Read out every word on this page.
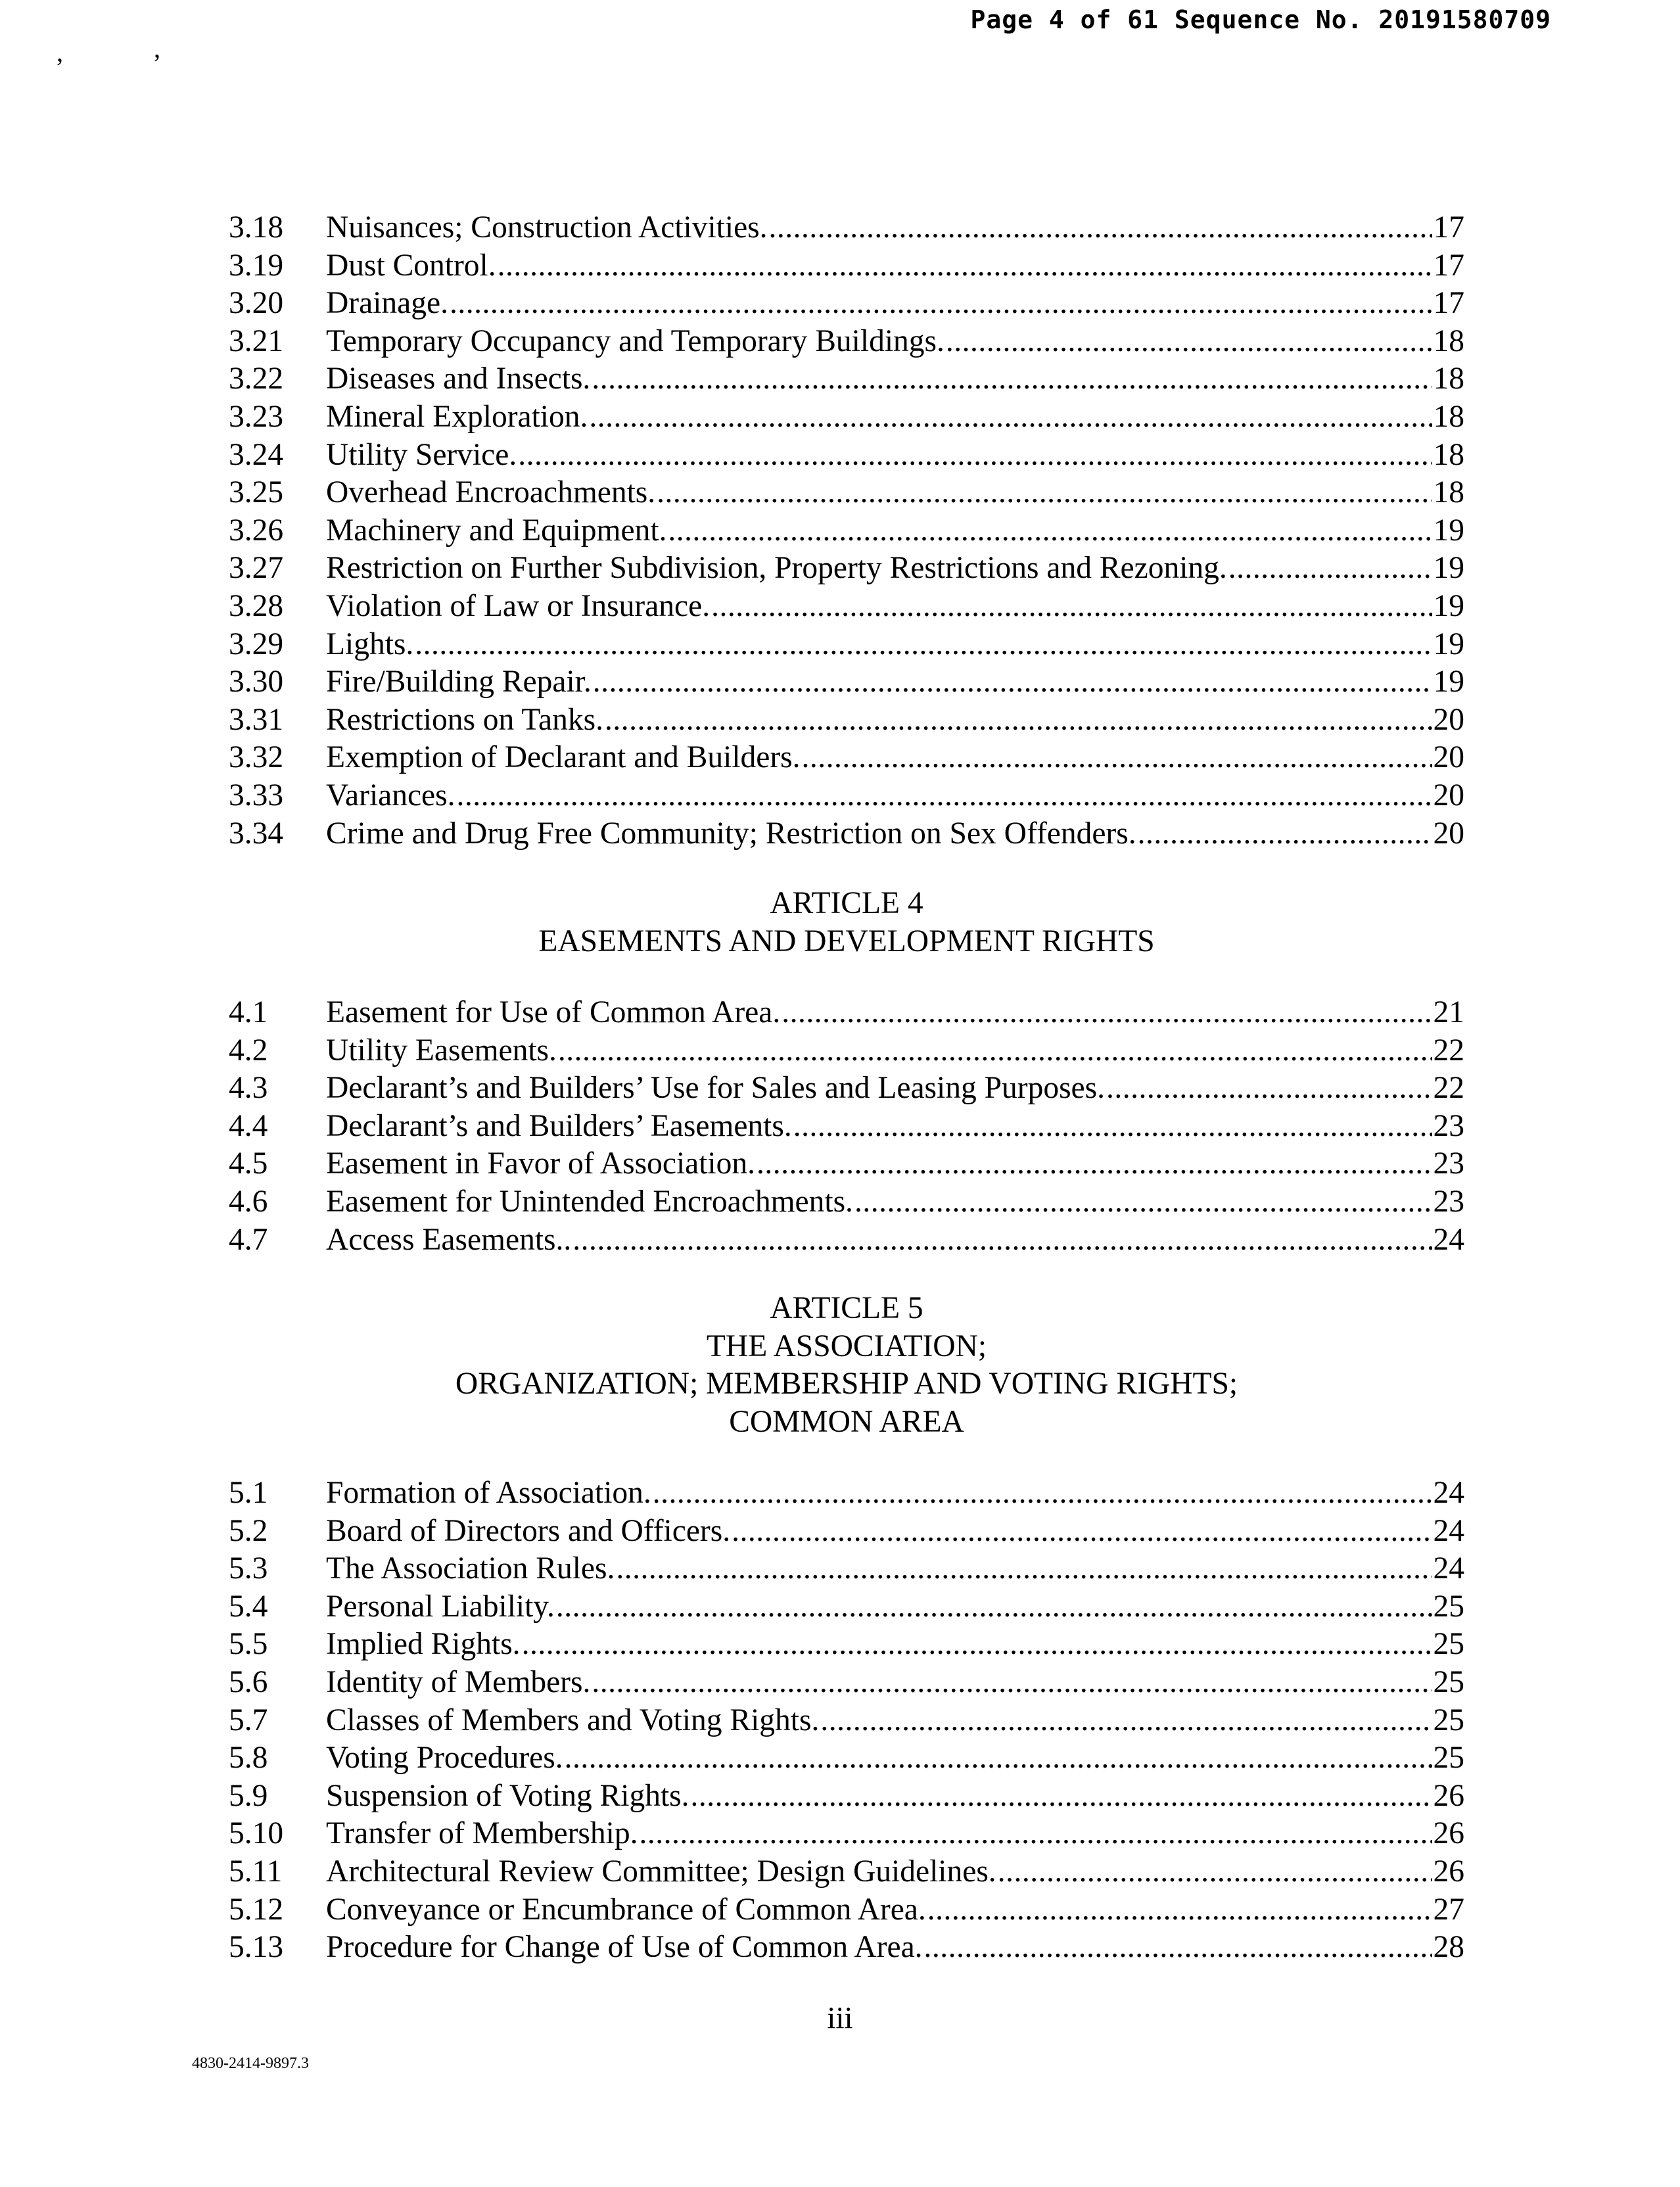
Page 4 of 61 Sequence No. 20191580709
,	,
3.18	Nuisances; Construction Activities. .....	17
3.19	Dust Control. .....	17
3.20	Drainage. .....	17
3.21	Temporary Occupancy and Temporary Buildings. .....	18
3.22	Diseases and Insects. .....	18
3.23	Mineral Exploration. .....	18
3.24	Utility Service. .....	18
3.25	Overhead Encroachments. .....	18
3.26	Machinery and Equipment. .....	19
3.27	Restriction on Further Subdivision, Property Restrictions and Rezoning. .....	19
3.28	Violation of Law or Insurance. .....	19
3.29	Lights. .....	19
3.30	Fire/Building Repair. .....	19
3.31	Restrictions on Tanks. .....	20
3.32	Exemption of Declarant and Builders. .....	20
3.33	Variances. .....	20
3.34	Crime and Drug Free Community; Restriction on Sex Offenders. .....	20
ARTICLE 4
EASEMENTS AND DEVELOPMENT RIGHTS
4.1	Easement for Use of Common Area. .....	21
4.2	Utility Easements. .....	22
4.3	Declarant’s and Builders’ Use for Sales and Leasing Purposes. .....	22
4.4	Declarant’s and Builders’ Easements. .....	23
4.5	Easement in Favor of Association. .....	23
4.6	Easement for Unintended Encroachments. .....	23
4.7	Access Easements.. .....	24
ARTICLE 5
THE ASSOCIATION;
ORGANIZATION; MEMBERSHIP AND VOTING RIGHTS;
COMMON AREA
5.1	Formation of Association. .....	24
5.2	Board of Directors and Officers. .....	24
5.3	The Association Rules. .....	24
5.4	Personal Liability. .....	25
5.5	Implied Rights. .....	25
5.6	Identity of Members. .....	25
5.7	Classes of Members and Voting Rights. .....	25
5.8	Voting Procedures. .....	25
5.9	Suspension of Voting Rights. .....	26
5.10	Transfer of Membership. .....	26
5.11	Architectural Review Committee; Design Guidelines. .....	26
5.12	Conveyance or Encumbrance of Common Area. .....	27
5.13	Procedure for Change of Use of Common Area. .....	28
iii
4830-2414-9897.3
